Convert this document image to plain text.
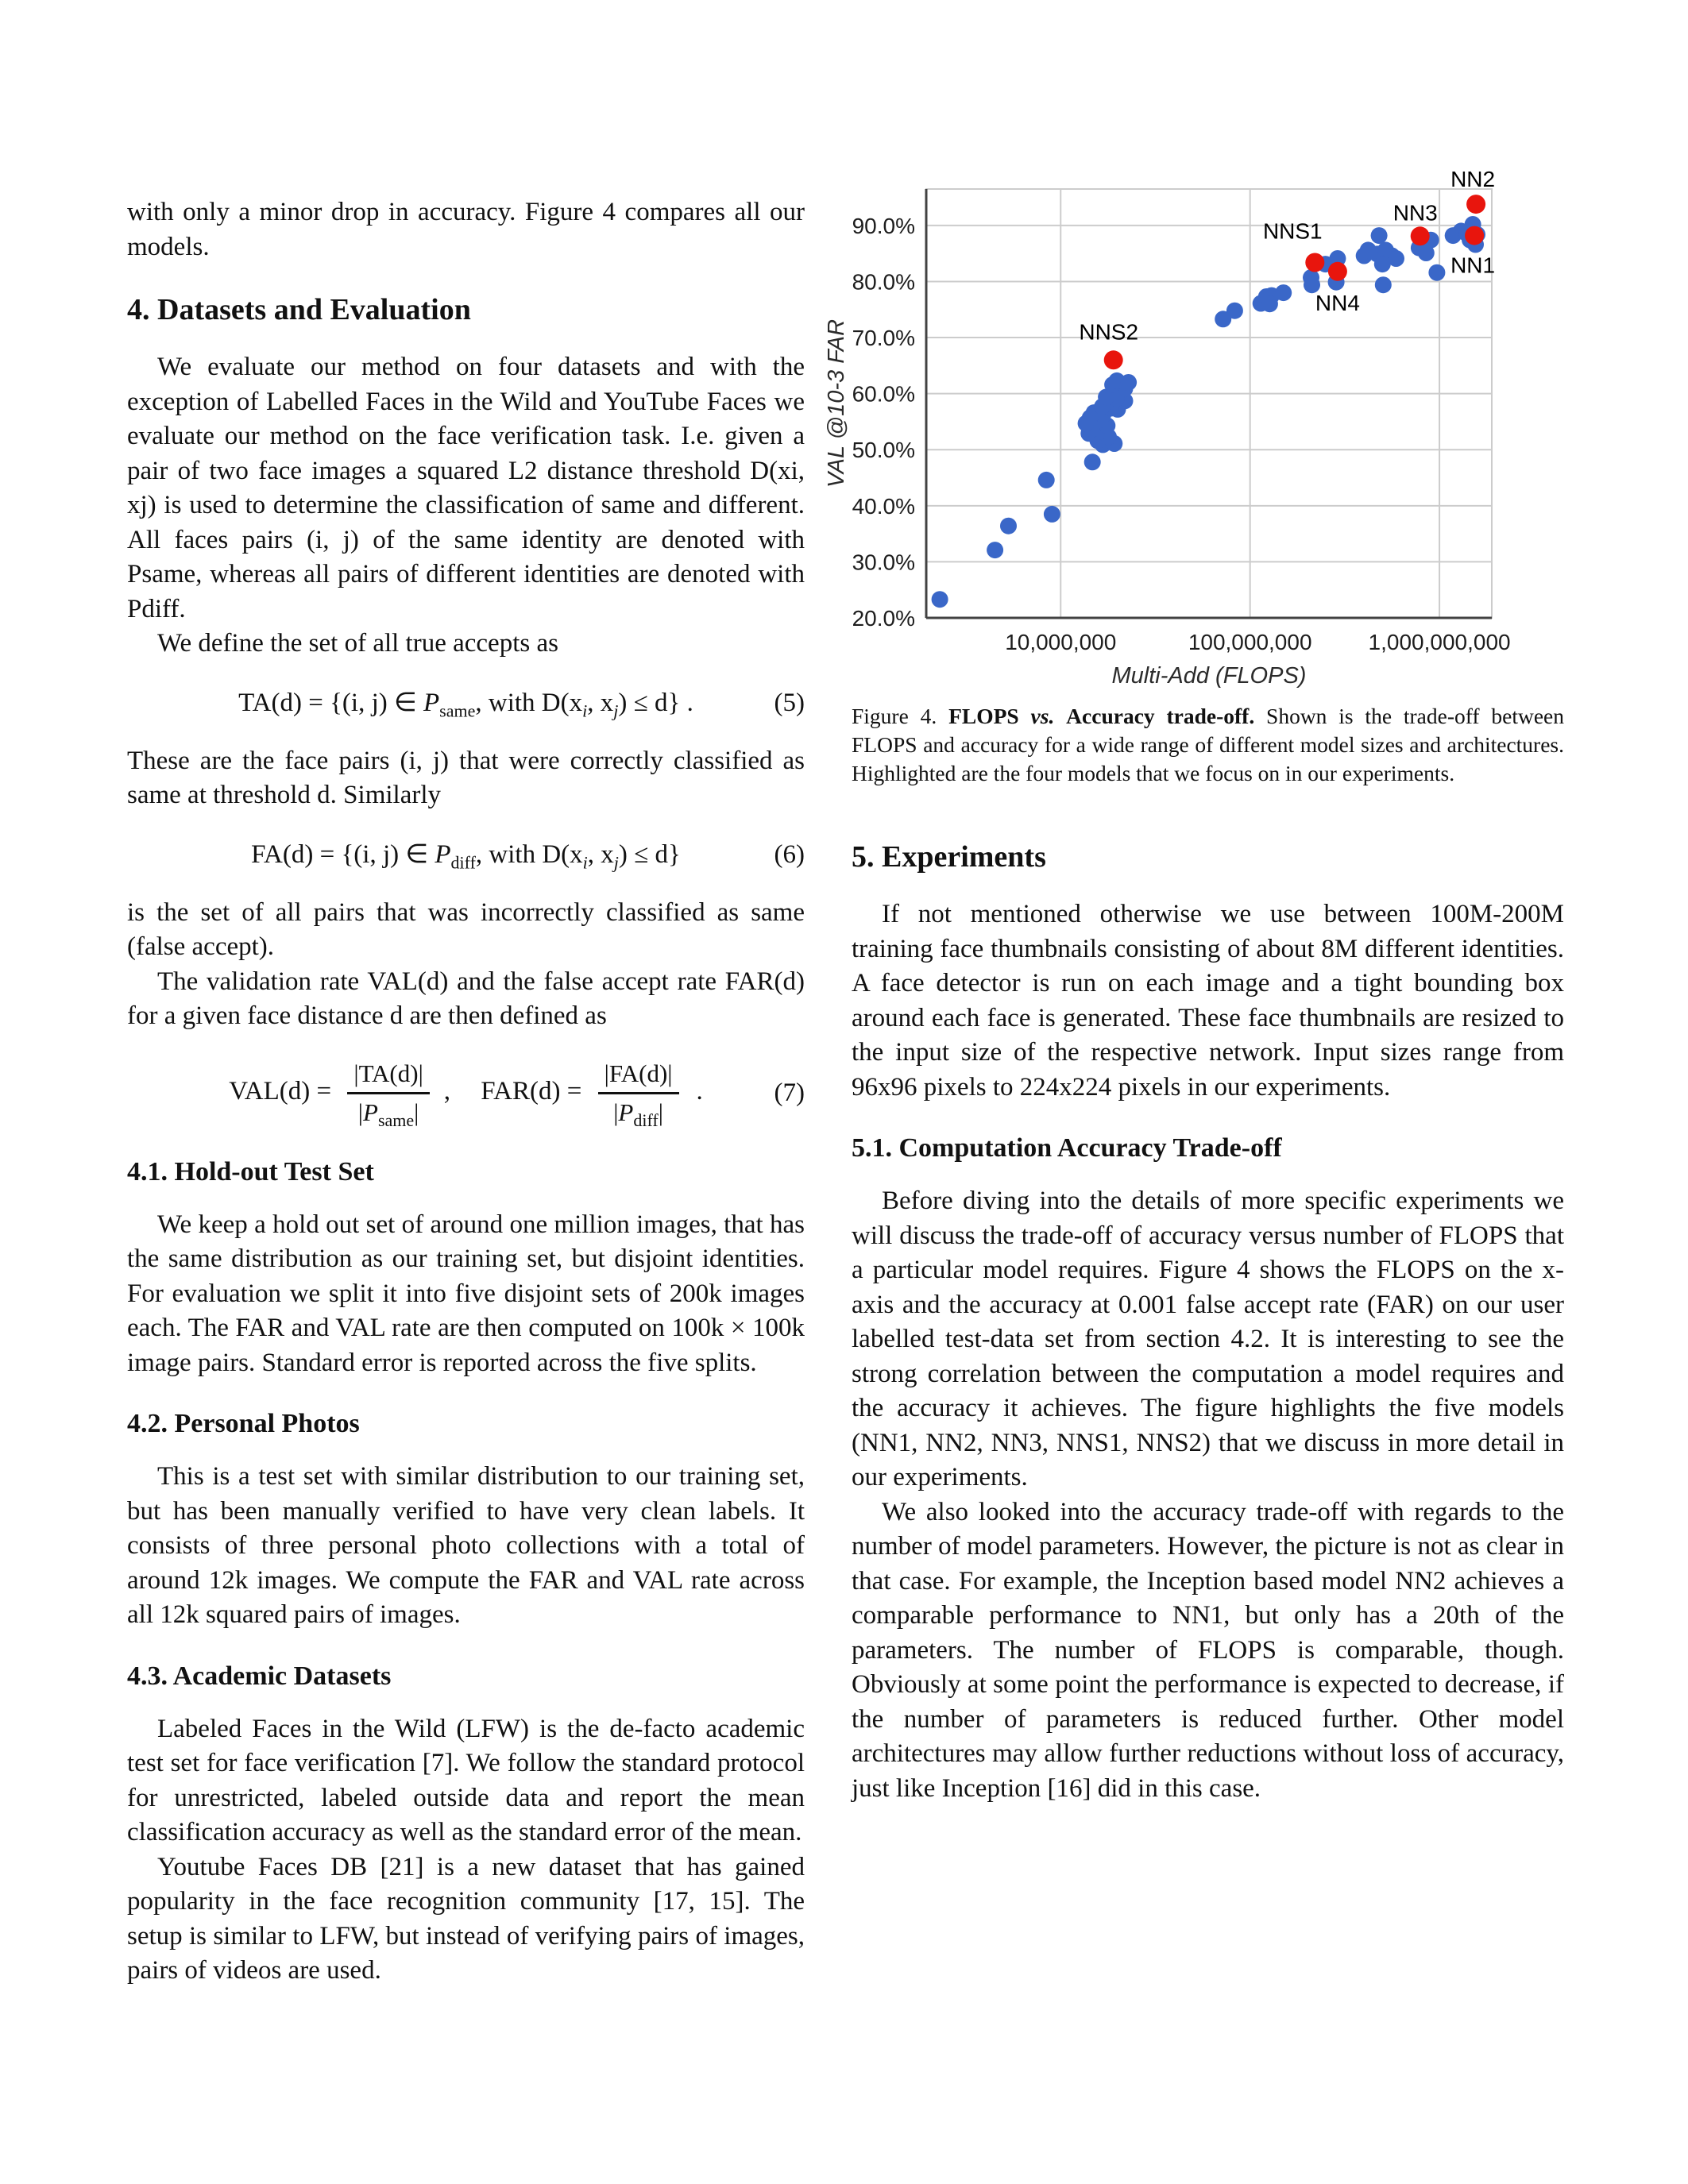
with only a minor drop in accuracy. Figure 4 compares all our models.

4. Datasets and Evaluation

We evaluate our method on four datasets and with the exception of Labelled Faces in the Wild and YouTube Faces we evaluate our method on the face verification task. I.e. given a pair of two face images a squared L2 distance threshold D(xi, xj) is used to determine the classification of same and different. All faces pairs (i, j) of the same identity are denoted with Psame, whereas all pairs of different identities are denoted with Pdiff.

We define the set of all true accepts as

TA(d) = {(i, j) ∈ $P_{same}$, with $D(x_i$, $x_j) \le d$} .	(5)

These are the face pairs (i, j) that were correctly classified as same at threshold d. Similarly

FA(d) = {(i, j) ∈ $P_{diff}$, with $D(x_i$, $x_j) \le d$}	(6)

is the set of all pairs that was incorrectly classified as same (false accept).

The validation rate VAL(d) and the false accept rate FAR(d) for a given face distance d are then defined as

$VAL(d) = \frac{|TA(d)|}{|P_{same}|}$ , $FAR(d) = \frac{|FA(d)|}{|P_{diff}|}$ .	(7)
4.1. Hold-out Test Set

We keep a hold out set of around one million images, that has the same distribution as our training set, but disjoint identities. For evaluation we split it into five disjoint sets of 200k images each. The FAR and VAL rate are then computed on 100k × 100k image pairs. Standard error is reported across the five splits.

4.2. Personal Photos

This is a test set with similar distribution to our training set, but has been manually verified to have very clean labels. It consists of three personal photo collections with a total of around 12k images. We compute the FAR and VAL rate across all 12k squared pairs of images.

4.3. Academic Datasets

Labeled Faces in the Wild (LFW) is the de-facto academic test set for face verification [7]. We follow the standard protocol for unrestricted, labeled outside data and report the mean classification accuracy as well as the standard error of the mean.

Youtube Faces DB [21] is a new dataset that has gained popularity in the face recognition community [17, 15]. The setup is similar to LFW, but instead of verifying pairs of images, pairs of videos are used.

20.0%
30.0%
40.0%
50.0%
60.0%
70.0%
80.0%
90.0%
10,000,000	100,000,000	1,000,000,000
Multi-Add (FLOPS)
VAL @10-3 FAR	NNS2
NNS1
NN4
NN3
NN2
NN1

Figure 4. FLOPS vs. Accuracy trade-off. Shown is the trade-off between FLOPS and accuracy for a wide range of different model sizes and architectures. Highlighted are the four models that we focus on in our experiments.

5. Experiments

If not mentioned otherwise we use between 100M-200M training face thumbnails consisting of about 8M different identities. A face detector is run on each image and a tight bounding box around each face is generated. These face thumbnails are resized to the input size of the respective network. Input sizes range from 96x96 pixels to 224x224 pixels in our experiments.

5.1. Computation Accuracy Trade-off

Before diving into the details of more specific experiments we will discuss the trade-off of accuracy versus number of FLOPS that a particular model requires. Figure 4 shows the FLOPS on the x-axis and the accuracy at 0.001 false accept rate (FAR) on our user labelled test-data set from section 4.2. It is interesting to see the strong correlation between the computation a model requires and the accuracy it achieves. The figure highlights the five models (NN1, NN2, NN3, NNS1, NNS2) that we discuss in more detail in our experiments.

We also looked into the accuracy trade-off with regards to the number of model parameters. However, the picture is not as clear in that case. For example, the Inception based model NN2 achieves a comparable performance to NN1, but only has a 20th of the parameters. The number of FLOPS is comparable, though. Obviously at some point the performance is expected to decrease, if the number of parameters is reduced further. Other model architectures may allow further reductions without loss of accuracy, just like Inception [16] did in this case.
